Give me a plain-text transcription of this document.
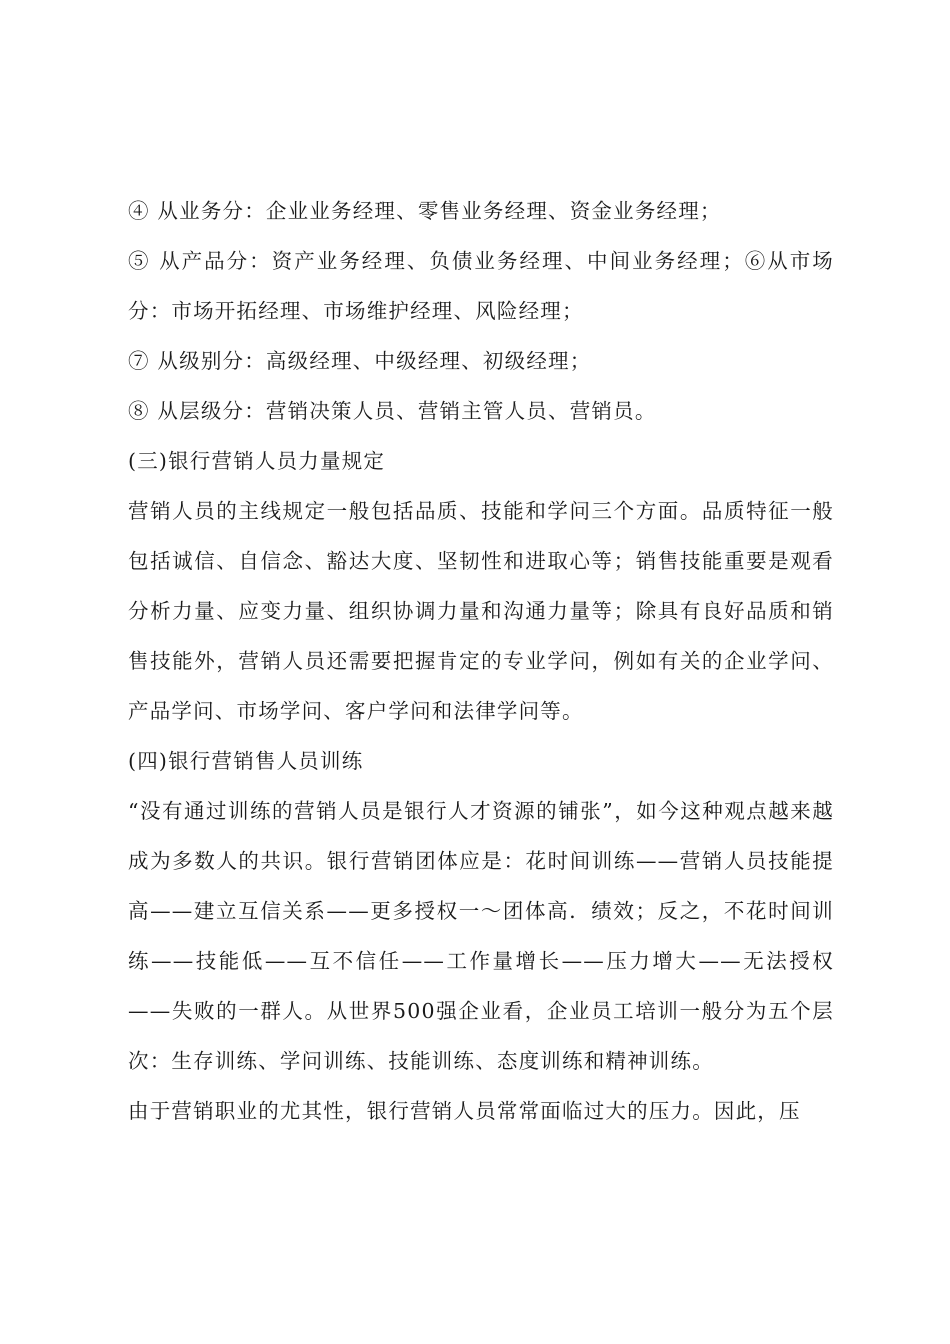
④ 从业务分：企业业务经理、零售业务经理、资金业务经理；

⑤ 从产品分：资产业务经理、负债业务经理、中间业务经理；⑥从市场分：市场开拓经理、市场维护经理、风险经理；

⑦ 从级别分：高级经理、中级经理、初级经理；

⑧ 从层级分：营销决策人员、营销主管人员、营销员。

(三)银行营销人员力量规定

营销人员的主线规定一般包括品质、技能和学问三个方面。品质特征一般包括诚信、自信念、豁达大度、坚韧性和进取心等；销售技能重要是观看分析力量、应变力量、组织协调力量和沟通力量等；除具有良好品质和销售技能外，营销人员还需要把握肯定的专业学问，例如有关的企业学问、产品学问、市场学问、客户学问和法律学问等。

(四)银行营销售人员训练

“没有通过训练的营销人员是银行人才资源的铺张”，如今这种观点越来越成为多数人的共识。银行营销团体应是：花时间训练——营销人员技能提高——建立互信关系——更多授权一～团体高．绩效；反之，不花时间训练——技能低——互不信任——工作量增长——压力增大——无法授权——失败的一群人。从世界500强企业看，企业员工培训一般分为五个层次：生存训练、学问训练、技能训练、态度训练和精神训练。

由于营销职业的尤其性，银行营销人员常常面临过大的压力。因此，压
